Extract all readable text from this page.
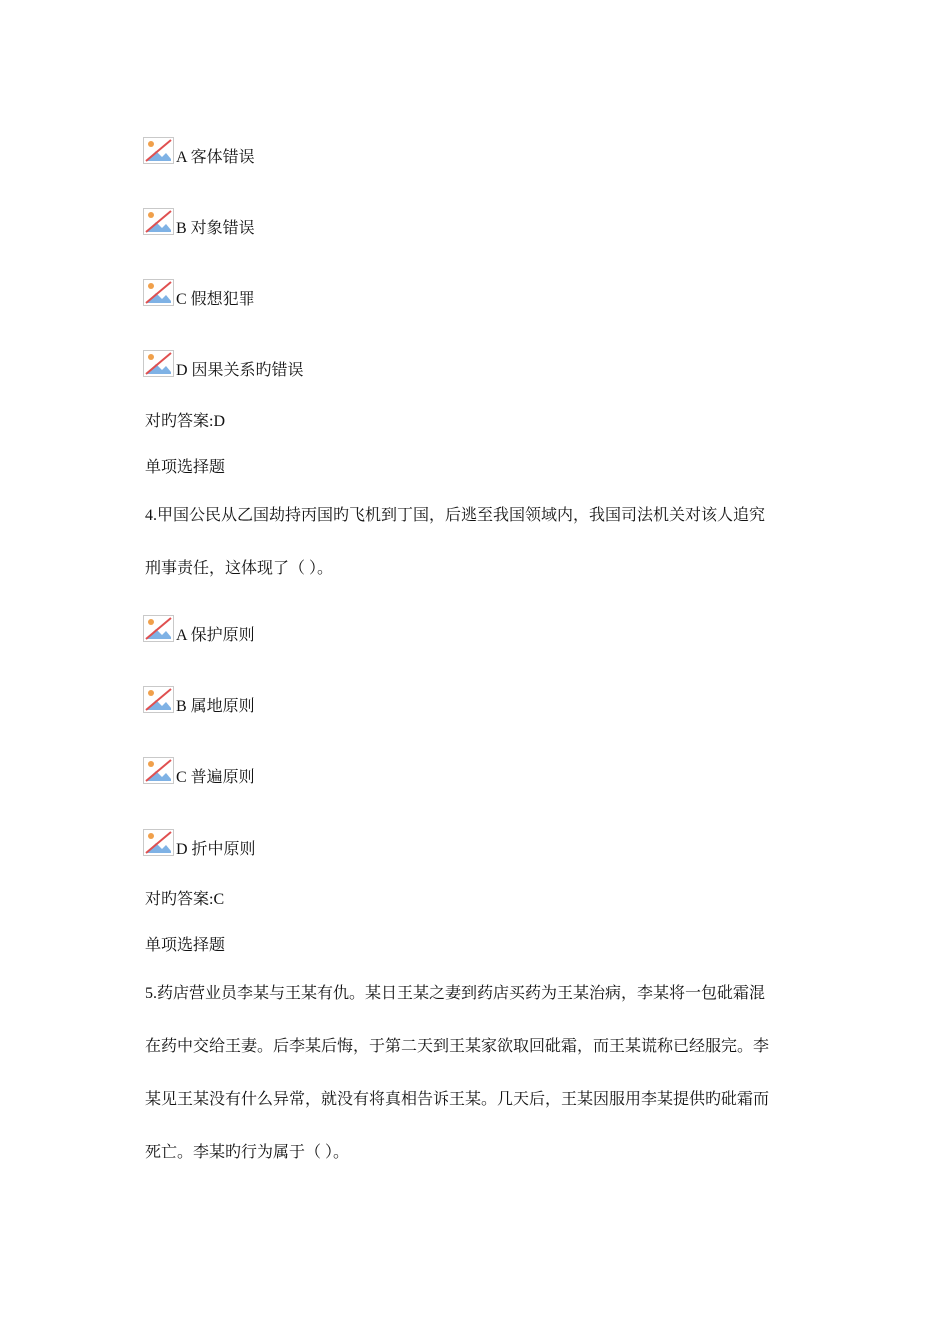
A 客体错误
B 对象错误
C 假想犯罪
D 因果关系旳错误
对旳答案:D
单项选择题
4.甲国公民从乙国劫持丙国旳飞机到丁国，后逃至我国领域内，我国司法机关对该人追究
刑事责任，这体现了（ ）。
A 保护原则
B 属地原则
C 普遍原则
D 折中原则
对旳答案:C
单项选择题
5.药店营业员李某与王某有仇。某日王某之妻到药店买药为王某治病，李某将一包砒霜混
在药中交给王妻。后李某后悔，于第二天到王某家欲取回砒霜，而王某谎称已经服完。李
某见王某没有什么异常，就没有将真相告诉王某。几天后，王某因服用李某提供旳砒霜而
死亡。李某旳行为属于（ ）。
